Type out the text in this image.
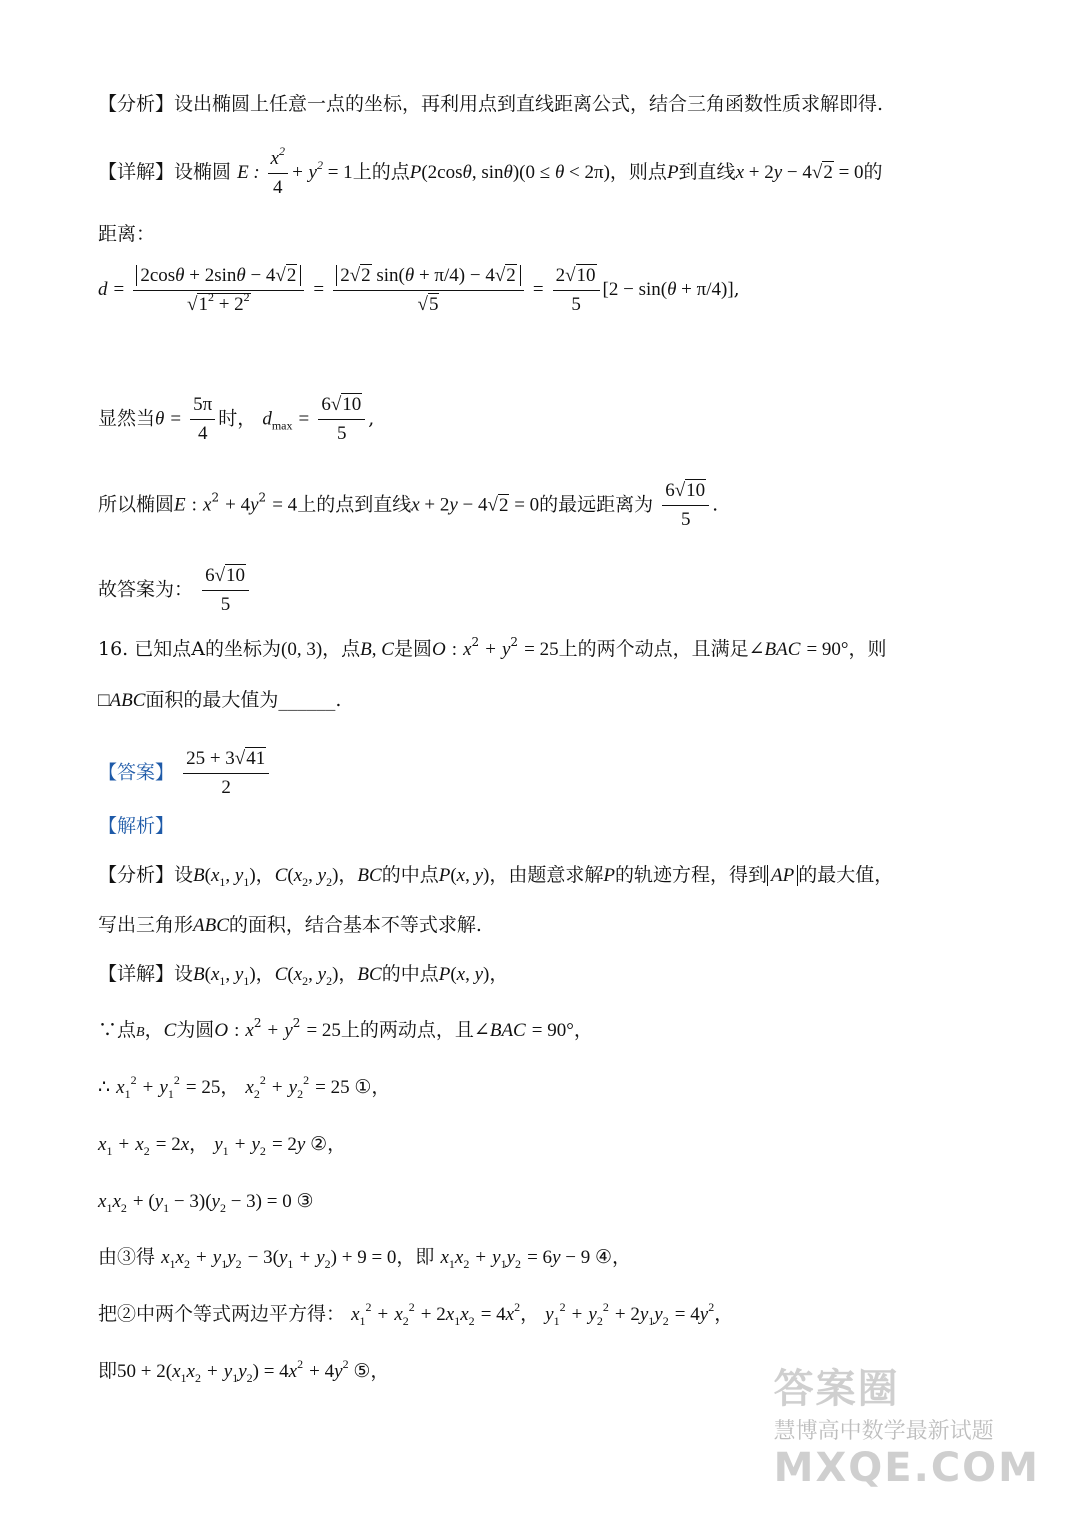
【分析】设出椭圆上任意一点的坐标，再利用点到直线距离公式，结合三角函数性质求解即得.
【详解】设椭圆 E : $\frac{x^2}{4} + y^2 = 1$上的点P(2cosθ, sinθ)(0 ≤ θ < 2π)，则点P到直线x + 2y − 4√2 = 0的
距离：
$d = \frac{2\cos\theta + 2\sin\theta - 4√2}{√1^2 + 2^2} = \frac{2√2 \sin(\theta + \pi/4) - 4√2}{√5} = \frac{2√10}{5} [2 - \sin(\theta + \pi/4)]$,
显然当$\theta = \frac{5\pi}{4}$ 时， $d_{max} = \frac{6√10}{5}$ ,
所以椭圆E : $x^2 + 4y^2 = 4$上的点到直线x + 2y − 4√2 = 0的最远距离为 $\frac{6√10}{5}$ .
故答案为： $\frac{6√10}{5}$
16. 已知点A的坐标为(0, 3)，点B, C是圆O : $x^2 + y^2 = 25$上的两个动点，且满足∠BAC = 90°，则
□ABC面积的最大值为______.
【答案】 $\frac{25 + 3√41}{2}$
【解析】
【分析】设$B(x_1$, $y_1$)，$C(x_2$, $y_2$)，BC的中点P(x, y)，由题意求解P的轨迹方程，得到 AP 的最大值，
写出三角形ABC的面积，结合基本不等式求解.
【详解】设$B(x_1$, $y_1$)，$C(x_2$, $y_2$)，BC的中点P(x, y)，
∵点B，C为圆O : $x^2 + y^2 = 25$上的两动点，且∠BAC = 90°，
∴ $x_1^2 + y_1^2 = 25$， $x_2^2 + y_2^2 = 25$ ①，
$x_1 + x_2 = 2x$， $y_1 + y_2 = 2y$ ②，
$x_1x_2 + (y_1 - 3)(y_2 - 3) = 0$ ③
由③得 $x_1x_2 + y_1y_2 - 3(y_1 + y_2) + 9 = 0$，即 $x_1x_2 + y_1y_2 = 6y - 9$ ④，
把②中两个等式两边平方得： $x_1^2 + x_2^2 + 2x_1x_2 = 4x^2$， $y_1^2 + y_2^2 + 2y_1y_2 = 4y^2$，
即$50 + 2(x_1x_2 + y_1y_2) = 4x^2 + 4y^2$ ⑤，	答案圈
慧博高中数学最新试题
MXQE.COM
